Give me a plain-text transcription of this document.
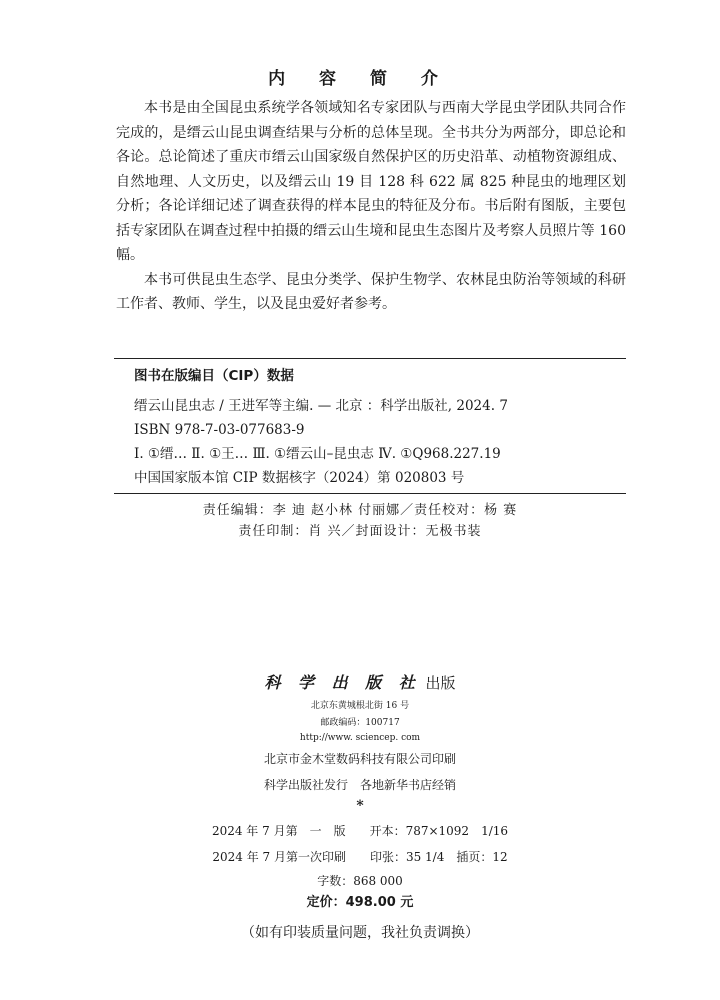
内 容 简 介

本书是由全国昆虫系统学各领域知名专家团队与西南大学昆虫学团队共同合作完成的，是缙云山昆虫调查结果与分析的总体呈现。全书共分为两部分，即总论和各论。总论简述了重庆市缙云山国家级自然保护区的历史沿革、动植物资源组成、自然地理、人文历史，以及缙云山 19 目 128 科 622 属 825 种昆虫的地理区划分析；各论详细记述了调查获得的样本昆虫的特征及分布。书后附有图版，主要包括专家团队在调查过程中拍摄的缙云山生境和昆虫生态图片及考察人员照片等 160 幅。

本书可供昆虫生态学、昆虫分类学、保护生物学、农林昆虫防治等领域的科研工作者、教师、学生，以及昆虫爱好者参考。

图书在版编目（CIP）数据
缙云山昆虫志 / 王进军等主编. — 北京 ：科学出版社, 2024. 7
ISBN 978-7-03-077683-9
Ⅰ. ①缙… Ⅱ. ①王… Ⅲ. ①缙云山–昆虫志 Ⅳ. ①Q968.227.19
中国国家版本馆 CIP 数据核字（2024）第 020803 号
责任编辑：李 迪 赵小林 付丽娜／责任校对：杨 赛
责任印制：肖 兴／封面设计：无极书装
科 学 出 版 社 出版
北京东黄城根北街 16 号
邮政编码：100717
http://www. sciencep. com
北京市金木堂数码科技有限公司印刷
科学出版社发行　各地新华书店经销
*
2024 年 7 月第　一　版　　开本：787×1092　1/16
2024 年 7 月第一次印刷　　印张：35 1/4　插页：12
字数：868 000
定价：498.00 元
（如有印装质量问题，我社负责调换）
